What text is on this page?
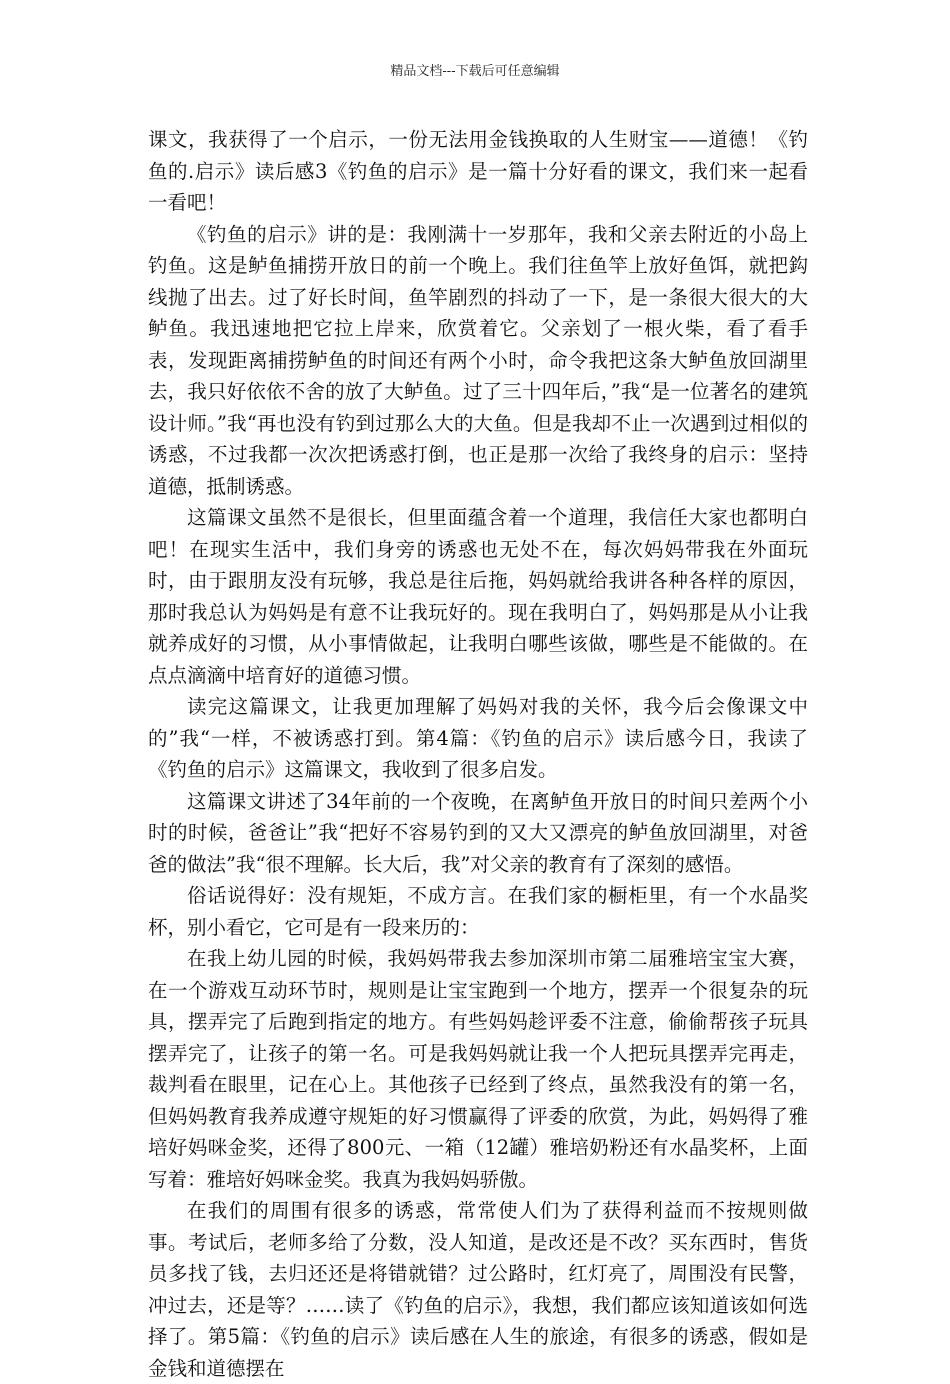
精品文档---下载后可任意编辑

课文，我获得了一个启示，一份无法用金钱换取的人生财宝——道德！《钓鱼的.启示》读后感3《钓鱼的启示》是一篇十分好看的课文，我们来一起看一看吧！

《钓鱼的启示》讲的是：我刚满十一岁那年，我和父亲去附近的小岛上钓鱼。这是鲈鱼捕捞开放日的前一个晚上。我们往鱼竿上放好鱼饵，就把鈎线抛了出去。过了好长时间，鱼竿剧烈的抖动了一下，是一条很大很大的大鲈鱼。我迅速地把它拉上岸来，欣赏着它。父亲划了一根火柴，看了看手表，发现距离捕捞鲈鱼的时间还有两个小时，命令我把这条大鲈鱼放回湖里去，我只好依依不舍的放了大鲈鱼。过了三十四年后，”我“是一位著名的建筑设计师。”我“再也没有钓到过那么大的大鱼。但是我却不止一次遇到过相似的诱惑，不过我都一次次把诱惑打倒，也正是那一次给了我终身的启示：坚持道德，抵制诱惑。

这篇课文虽然不是很长，但里面蕴含着一个道理，我信任大家也都明白吧！在现实生活中，我们身旁的诱惑也无处不在，每次妈妈带我在外面玩时，由于跟朋友没有玩够，我总是往后拖，妈妈就给我讲各种各样的原因，那时我总认为妈妈是有意不让我玩好的。现在我明白了，妈妈那是从小让我就养成好的习惯，从小事情做起，让我明白哪些该做，哪些是不能做的。在点点滴滴中培育好的道德习惯。

读完这篇课文，让我更加理解了妈妈对我的关怀，我今后会像课文中的”我“一样，不被诱惑打到。第4篇：《钓鱼的启示》读后感今日，我读了《钓鱼的启示》这篇课文，我收到了很多启发。

这篇课文讲述了34年前的一个夜晚，在离鲈鱼开放日的时间只差两个小时的时候，爸爸让”我“把好不容易钓到的又大又漂亮的鲈鱼放回湖里，对爸爸的做法”我“很不理解。长大后，我”对父亲的教育有了深刻的感悟。

俗话说得好：没有规矩，不成方言。在我们家的橱柜里，有一个水晶奖杯，别小看它，它可是有一段来历的：

在我上幼儿园的时候，我妈妈带我去参加深圳市第二届雅培宝宝大赛，在一个游戏互动环节时，规则是让宝宝跑到一个地方，摆弄一个很复杂的玩具，摆弄完了后跑到指定的地方。有些妈妈趁评委不注意，偷偷帮孩子玩具摆弄完了，让孩子的第一名。可是我妈妈就让我一个人把玩具摆弄完再走，裁判看在眼里，记在心上。其他孩子已经到了终点，虽然我没有的第一名，但妈妈教育我养成遵守规矩的好习惯赢得了评委的欣赏，为此，妈妈得了雅培好妈咪金奖，还得了800元、一箱（12罐）雅培奶粉还有水晶奖杯，上面写着：雅培好妈咪金奖。我真为我妈妈骄傲。

在我们的周围有很多的诱惑，常常使人们为了获得利益而不按规则做事。考试后，老师多给了分数，没人知道，是改还是不改？买东西时，售货员多找了钱，去归还还是将错就错？过公路时，红灯亮了，周围没有民警，冲过去，还是等？……读了《钓鱼的启示》，我想，我们都应该知道该如何选择了。第5篇：《钓鱼的启示》读后感在人生的旅途，有很多的诱惑，假如是金钱和道德摆在
